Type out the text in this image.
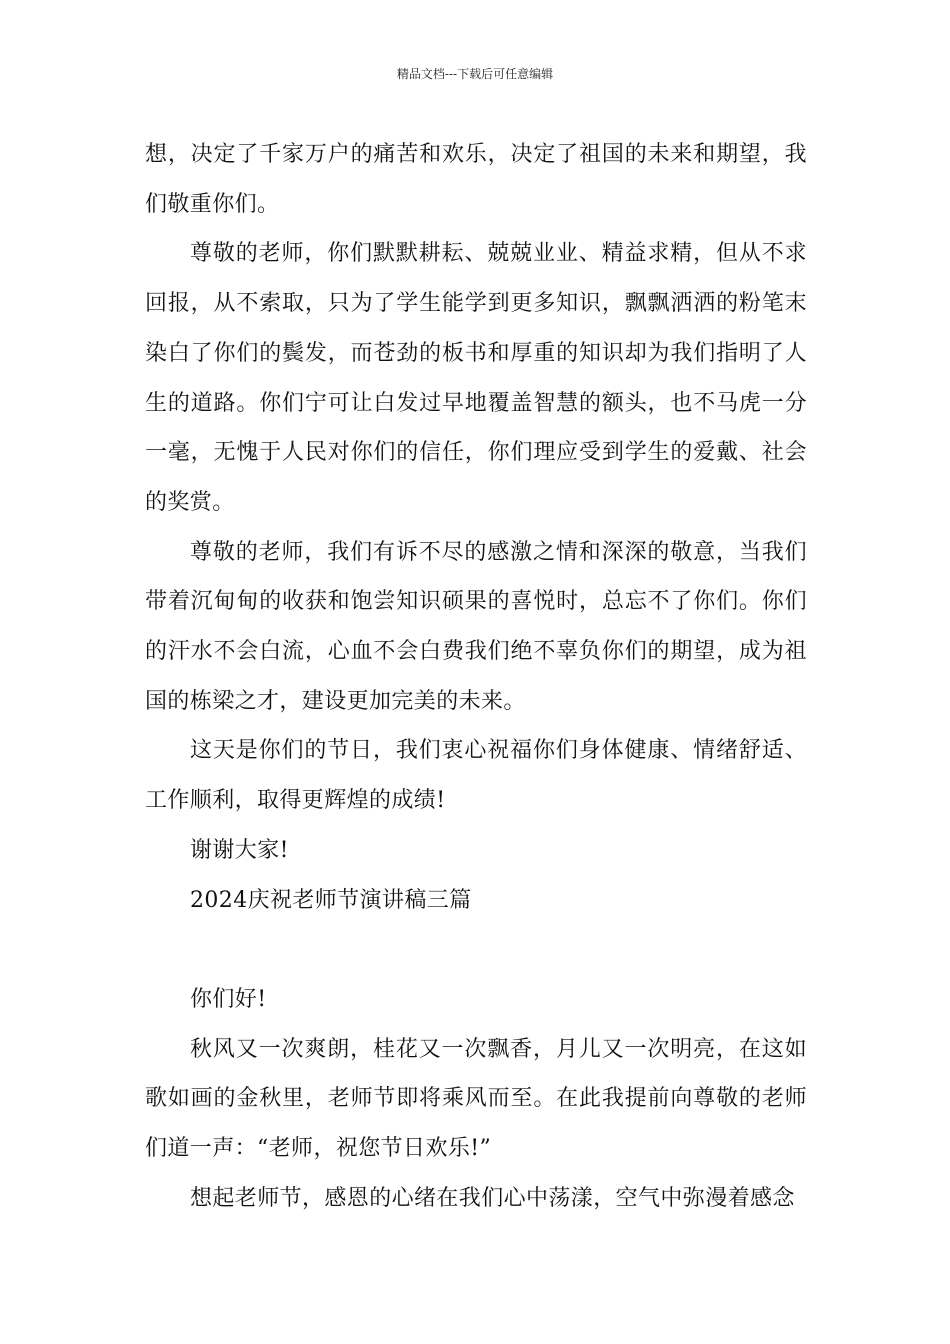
精品文档---下载后可任意编辑

想，决定了千家万户的痛苦和欢乐，决定了祖国的未来和期望，我们敬重你们。

尊敬的老师，你们默默耕耘、兢兢业业、精益求精，但从不求回报，从不索取，只为了学生能学到更多知识，飘飘洒洒的粉笔末染白了你们的鬓发，而苍劲的板书和厚重的知识却为我们指明了人生的道路。你们宁可让白发过早地覆盖智慧的额头，也不马虎一分一毫，无愧于人民对你们的信任，你们理应受到学生的爱戴、社会的奖赏。

尊敬的老师，我们有诉不尽的感激之情和深深的敬意，当我们带着沉甸甸的收获和饱尝知识硕果的喜悦时，总忘不了你们。你们的汗水不会白流，心血不会白费我们绝不辜负你们的期望，成为祖国的栋梁之才，建设更加完美的未来。

这天是你们的节日，我们衷心祝福你们身体健康、情绪舒适、工作顺利，取得更辉煌的成绩!

谢谢大家!

2024庆祝老师节演讲稿三篇

你们好!

秋风又一次爽朗，桂花又一次飘香，月儿又一次明亮，在这如歌如画的金秋里，老师节即将乘风而至。在此我提前向尊敬的老师们道一声：“老师，祝您节日欢乐!”

想起老师节，感恩的心绪在我们心中荡漾，空气中弥漫着感念
